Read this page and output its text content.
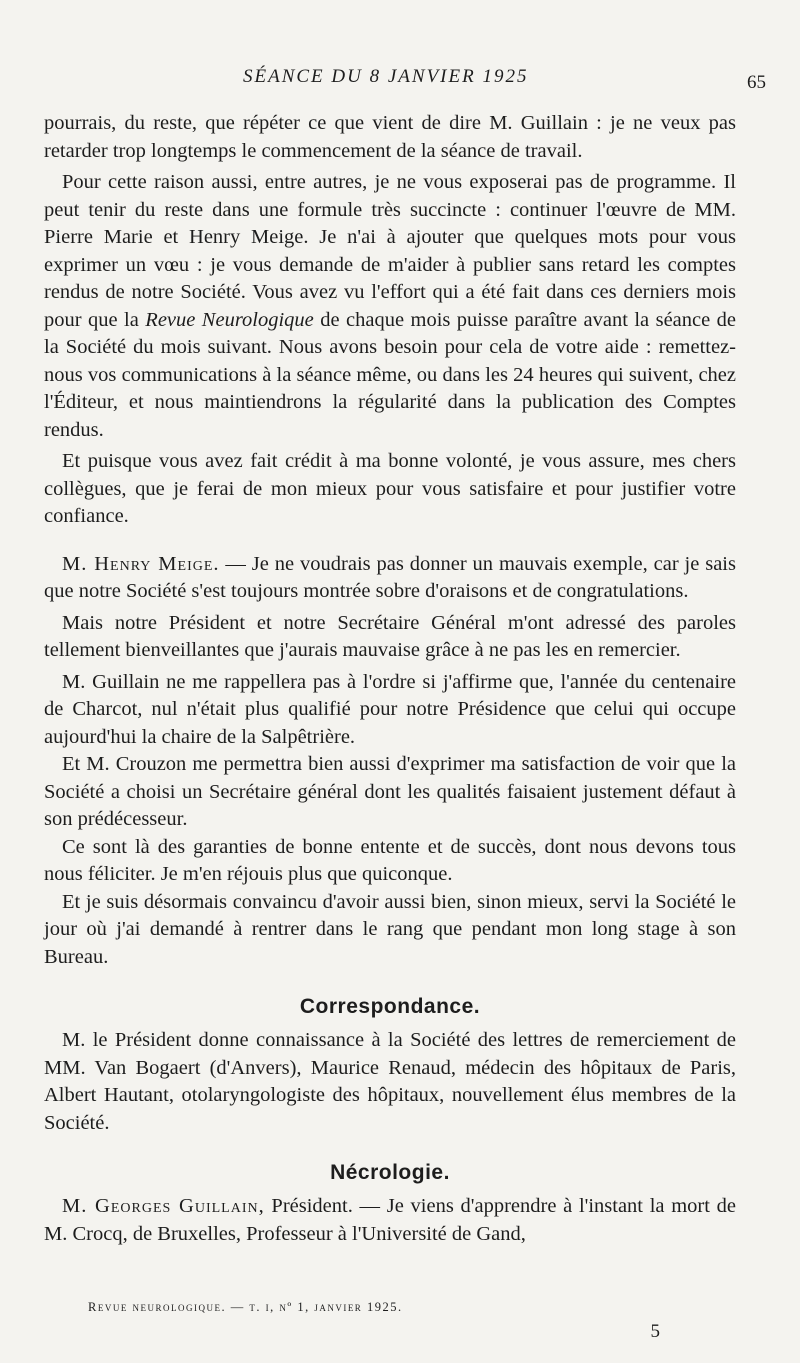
SÉANCE DU 8 JANVIER 1925	65

pourrais, du reste, que répéter ce que vient de dire M. Guillain : je ne veux pas retarder trop longtemps le commencement de la séance de travail.

Pour cette raison aussi, entre autres, je ne vous exposerai pas de programme. Il peut tenir du reste dans une formule très succincte : continuer l'œuvre de MM. Pierre Marie et Henry Meige. Je n'ai à ajouter que quelques mots pour vous exprimer un vœu : je vous demande de m'aider à publier sans retard les comptes rendus de notre Société. Vous avez vu l'effort qui a été fait dans ces derniers mois pour que la Revue Neurologique de chaque mois puisse paraître avant la séance de la Société du mois suivant. Nous avons besoin pour cela de votre aide : remettez-nous vos communications à la séance même, ou dans les 24 heures qui suivent, chez l'Éditeur, et nous maintiendrons la régularité dans la publication des Comptes rendus.

Et puisque vous avez fait crédit à ma bonne volonté, je vous assure, mes chers collègues, que je ferai de mon mieux pour vous satisfaire et pour justifier votre confiance.

M. Henry Meige. — Je ne voudrais pas donner un mauvais exemple, car je sais que notre Société s'est toujours montrée sobre d'oraisons et de congratulations.

Mais notre Président et notre Secrétaire Général m'ont adressé des paroles tellement bienveillantes que j'aurais mauvaise grâce à ne pas les en remercier.

M. Guillain ne me rappellera pas à l'ordre si j'affirme que, l'année du centenaire de Charcot, nul n'était plus qualifié pour notre Présidence que celui qui occupe aujourd'hui la chaire de la Salpêtrière.

Et M. Crouzon me permettra bien aussi d'exprimer ma satisfaction de voir que la Société a choisi un Secrétaire général dont les qualités faisaient justement défaut à son prédécesseur.

Ce sont là des garanties de bonne entente et de succès, dont nous devons tous nous féliciter. Je m'en réjouis plus que quiconque.

Et je suis désormais convaincu d'avoir aussi bien, sinon mieux, servi la Société le jour où j'ai demandé à rentrer dans le rang que pendant mon long stage à son Bureau.

Correspondance.

M. le Président donne connaissance à la Société des lettres de remerciement de MM. Van Bogaert (d'Anvers), Maurice Renaud, médecin des hôpitaux de Paris, Albert Hautant, otolaryngologiste des hôpitaux, nouvellement élus membres de la Société.

Nécrologie.

M. Georges Guillain, Président. — Je viens d'apprendre à l'instant la mort de M. Crocq, de Bruxelles, Professeur à l'Université de Gand,

Revue neurologique. — t. i, nº 1, janvier 1925.
5
